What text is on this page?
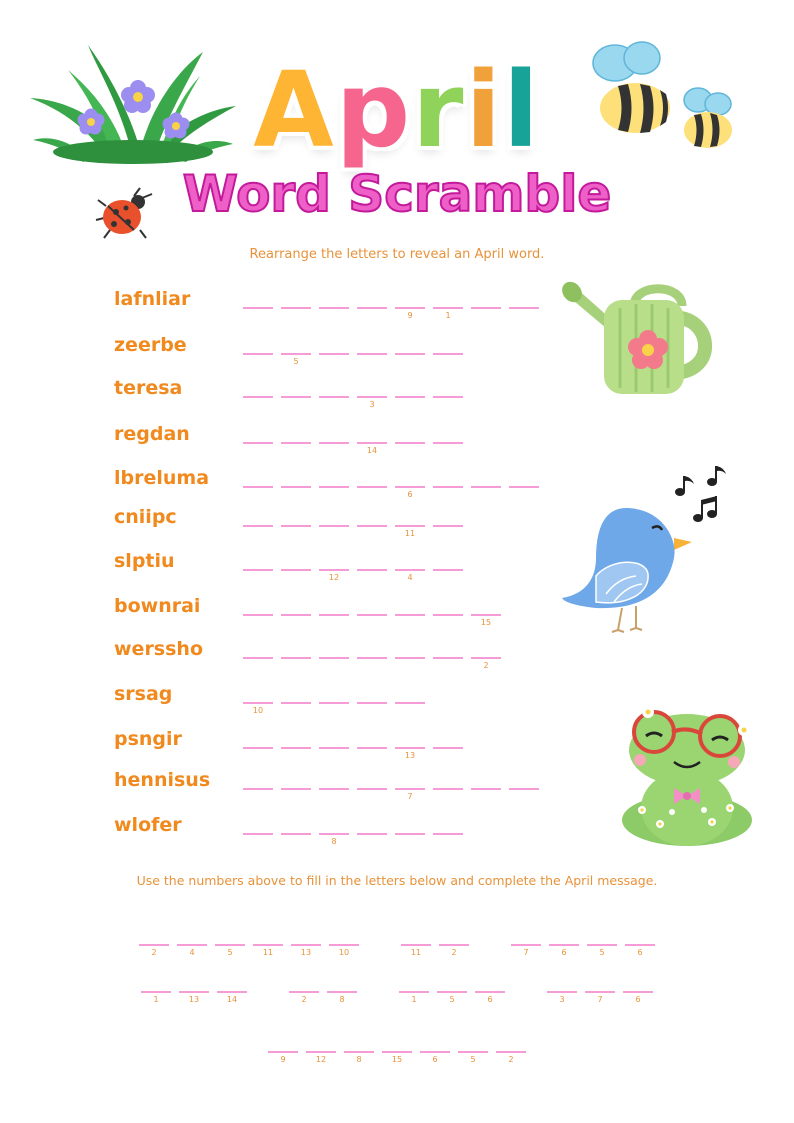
April
Word Scramble
Rearrange the letters to reveal an April word.
lafnliar
9	1
zeerbe
5
teresa
3
regdan
14
lbreluma
6
cniipc
11
slptiu
12	4
bownrai
15
werssho
2
srsag
10
psngir
13
hennisus
7
wlofer
8
Use the numbers above to fill in the letters below and complete the April message.
2	4	5	11	13	10	11	2	7	6	5	6
1	13	14	2	8	1	5	6	3	7	6
9	12	8	15	6	5	2
